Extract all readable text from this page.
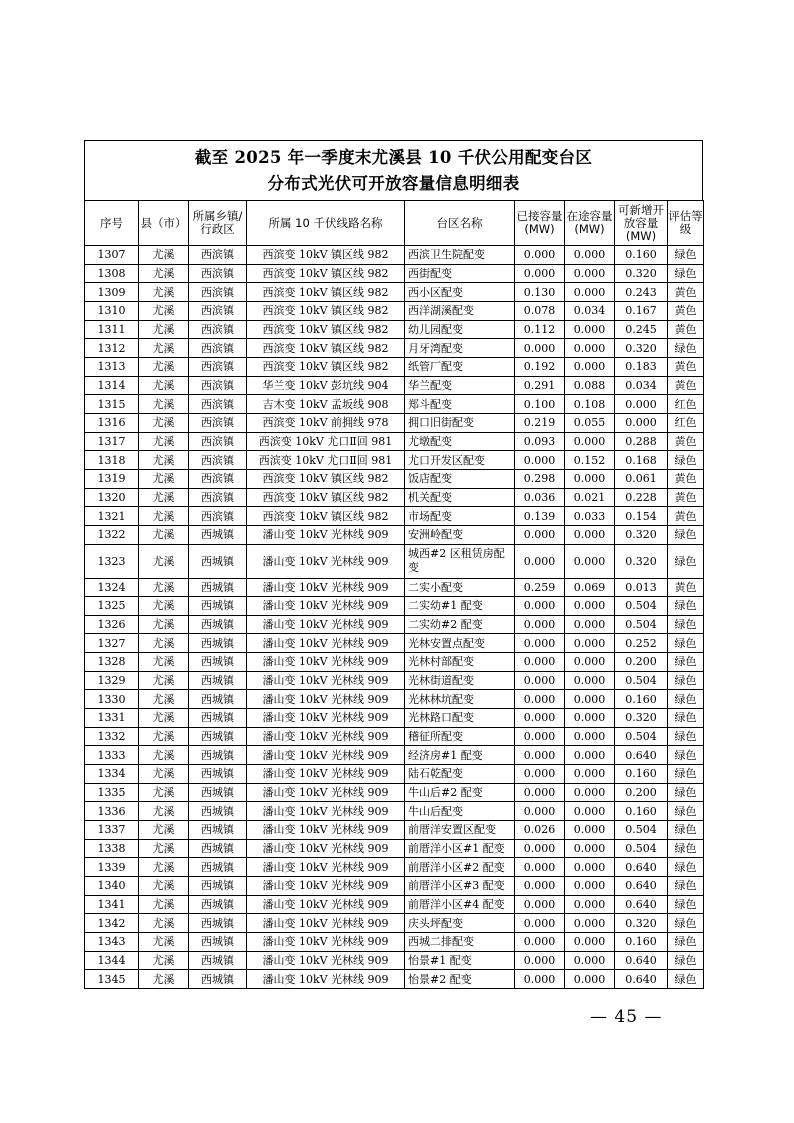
截至 2025 年一季度末尤溪县 10 千伏公用配变台区
分布式光伏可开放容量信息明细表
序号	县（市）	所属乡镇/行政区	所属 10 千伏线路名称	台区名称	已接容量(MW)	在途容量(MW)	可新增开放容量(MW)	评估等级
1307	尤溪	西滨镇	西滨变 10kV 镇区线 982	西滨卫生院配变	0.000	0.000	0.160	绿色
1308	尤溪	西滨镇	西滨变 10kV 镇区线 982	西街配变	0.000	0.000	0.320	绿色
1309	尤溪	西滨镇	西滨变 10kV 镇区线 982	西小区配变	0.130	0.000	0.243	黄色
1310	尤溪	西滨镇	西滨变 10kV 镇区线 982	西洋湖溪配变	0.078	0.034	0.167	黄色
1311	尤溪	西滨镇	西滨变 10kV 镇区线 982	幼儿园配变	0.112	0.000	0.245	黄色
1312	尤溪	西滨镇	西滨变 10kV 镇区线 982	月牙湾配变	0.000	0.000	0.320	绿色
1313	尤溪	西滨镇	西滨变 10kV 镇区线 982	纸管厂配变	0.192	0.000	0.183	黄色
1314	尤溪	西滨镇	华兰变 10kV 彭坑线 904	华兰配变	0.291	0.088	0.034	黄色
1315	尤溪	西滨镇	吉木变 10kV 孟坂线 908	郑斗配变	0.100	0.108	0.000	红色
1316	尤溪	西滨镇	西滨变 10kV 前拥线 978	拥口旧街配变	0.219	0.055	0.000	红色
1317	尤溪	西滨镇	西滨变 10kV 尤口Ⅱ回 981	尤墩配变	0.093	0.000	0.288	黄色
1318	尤溪	西滨镇	西滨变 10kV 尤口Ⅱ回 981	尤口开发区配变	0.000	0.152	0.168	绿色
1319	尤溪	西滨镇	西滨变 10kV 镇区线 982	饭店配变	0.298	0.000	0.061	黄色
1320	尤溪	西滨镇	西滨变 10kV 镇区线 982	机关配变	0.036	0.021	0.228	黄色
1321	尤溪	西滨镇	西滨变 10kV 镇区线 982	市场配变	0.139	0.033	0.154	黄色
1322	尤溪	西城镇	潘山变 10kV 光林线 909	安洲岭配变	0.000	0.000	0.320	绿色
1323	尤溪	西城镇	潘山变 10kV 光林线 909	城西#2 区租赁房配变	0.000	0.000	0.320	绿色
1324	尤溪	西城镇	潘山变 10kV 光林线 909	二实小配变	0.259	0.069	0.013	黄色
1325	尤溪	西城镇	潘山变 10kV 光林线 909	二实幼#1 配变	0.000	0.000	0.504	绿色
1326	尤溪	西城镇	潘山变 10kV 光林线 909	二实幼#2 配变	0.000	0.000	0.504	绿色
1327	尤溪	西城镇	潘山变 10kV 光林线 909	光林安置点配变	0.000	0.000	0.252	绿色
1328	尤溪	西城镇	潘山变 10kV 光林线 909	光林村部配变	0.000	0.000	0.200	绿色
1329	尤溪	西城镇	潘山变 10kV 光林线 909	光林街道配变	0.000	0.000	0.504	绿色
1330	尤溪	西城镇	潘山变 10kV 光林线 909	光林林坑配变	0.000	0.000	0.160	绿色
1331	尤溪	西城镇	潘山变 10kV 光林线 909	光林路口配变	0.000	0.000	0.320	绿色
1332	尤溪	西城镇	潘山变 10kV 光林线 909	稽征所配变	0.000	0.000	0.504	绿色
1333	尤溪	西城镇	潘山变 10kV 光林线 909	经济房#1 配变	0.000	0.000	0.640	绿色
1334	尤溪	西城镇	潘山变 10kV 光林线 909	陆石乾配变	0.000	0.000	0.160	绿色
1335	尤溪	西城镇	潘山变 10kV 光林线 909	牛山后#2 配变	0.000	0.000	0.200	绿色
1336	尤溪	西城镇	潘山变 10kV 光林线 909	牛山后配变	0.000	0.000	0.160	绿色
1337	尤溪	西城镇	潘山变 10kV 光林线 909	前厝洋安置区配变	0.026	0.000	0.504	绿色
1338	尤溪	西城镇	潘山变 10kV 光林线 909	前厝洋小区#1 配变	0.000	0.000	0.504	绿色
1339	尤溪	西城镇	潘山变 10kV 光林线 909	前厝洋小区#2 配变	0.000	0.000	0.640	绿色
1340	尤溪	西城镇	潘山变 10kV 光林线 909	前厝洋小区#3 配变	0.000	0.000	0.640	绿色
1341	尤溪	西城镇	潘山变 10kV 光林线 909	前厝洋小区#4 配变	0.000	0.000	0.640	绿色
1342	尤溪	西城镇	潘山变 10kV 光林线 909	庆头坪配变	0.000	0.000	0.320	绿色
1343	尤溪	西城镇	潘山变 10kV 光林线 909	西城二排配变	0.000	0.000	0.160	绿色
1344	尤溪	西城镇	潘山变 10kV 光林线 909	怡景#1 配变	0.000	0.000	0.640	绿色
1345	尤溪	西城镇	潘山变 10kV 光林线 909	怡景#2 配变	0.000	0.000	0.640	绿色
— 45 —
